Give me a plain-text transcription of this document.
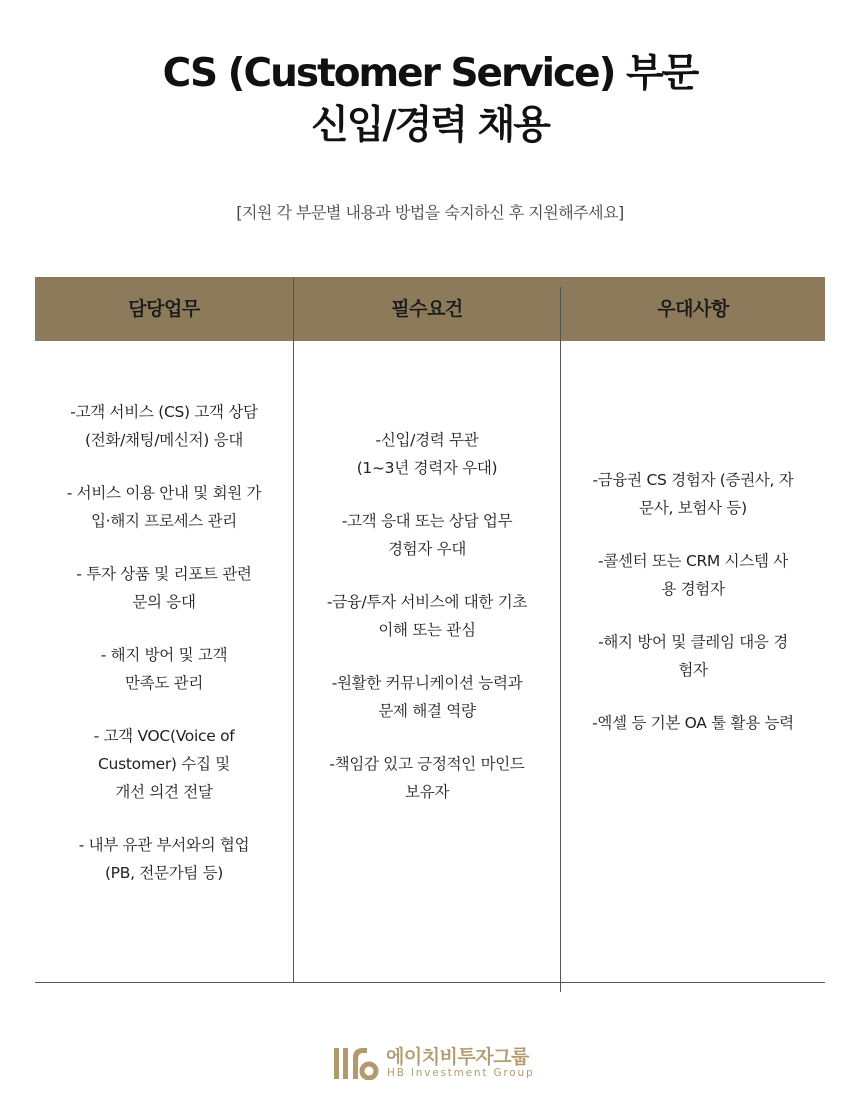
CS (Customer Service) 부문
신입/경력 채용
[지원 각 부문별 내용과 방법을 숙지하신 후 지원해주세요]
담당업무	필수요건	우대사항
-고객 서비스 (CS) 고객 상담
(전화/채팅/메신저) 응대
- 서비스 이용 안내 및 회원 가
입·해지 프로세스 관리
- 투자 상품 및 리포트 관련
문의 응대
- 해지 방어 및 고객
만족도 관리
- 고객 VOC(Voice of
Customer) 수집 및
개선 의견 전달
- 내부 유관 부서와의 협업
(PB, 전문가팀 등)
-신입/경력 무관
(1~3년 경력자 우대)
-고객 응대 또는 상담 업무
경험자 우대
-금융/투자 서비스에 대한 기초
이해 또는 관심
-원활한 커뮤니케이션 능력과
문제 해결 역량
-책임감 있고 긍정적인 마인드
보유자
-금융권 CS 경험자 (증권사, 자
문사, 보험사 등)
-콜센터 또는 CRM 시스템 사
용 경험자
-해지 방어 및 클레임 대응 경
험자
-엑셀 등 기본 OA 툴 활용 능력
에이치비투자그룹
HB Investment Group
